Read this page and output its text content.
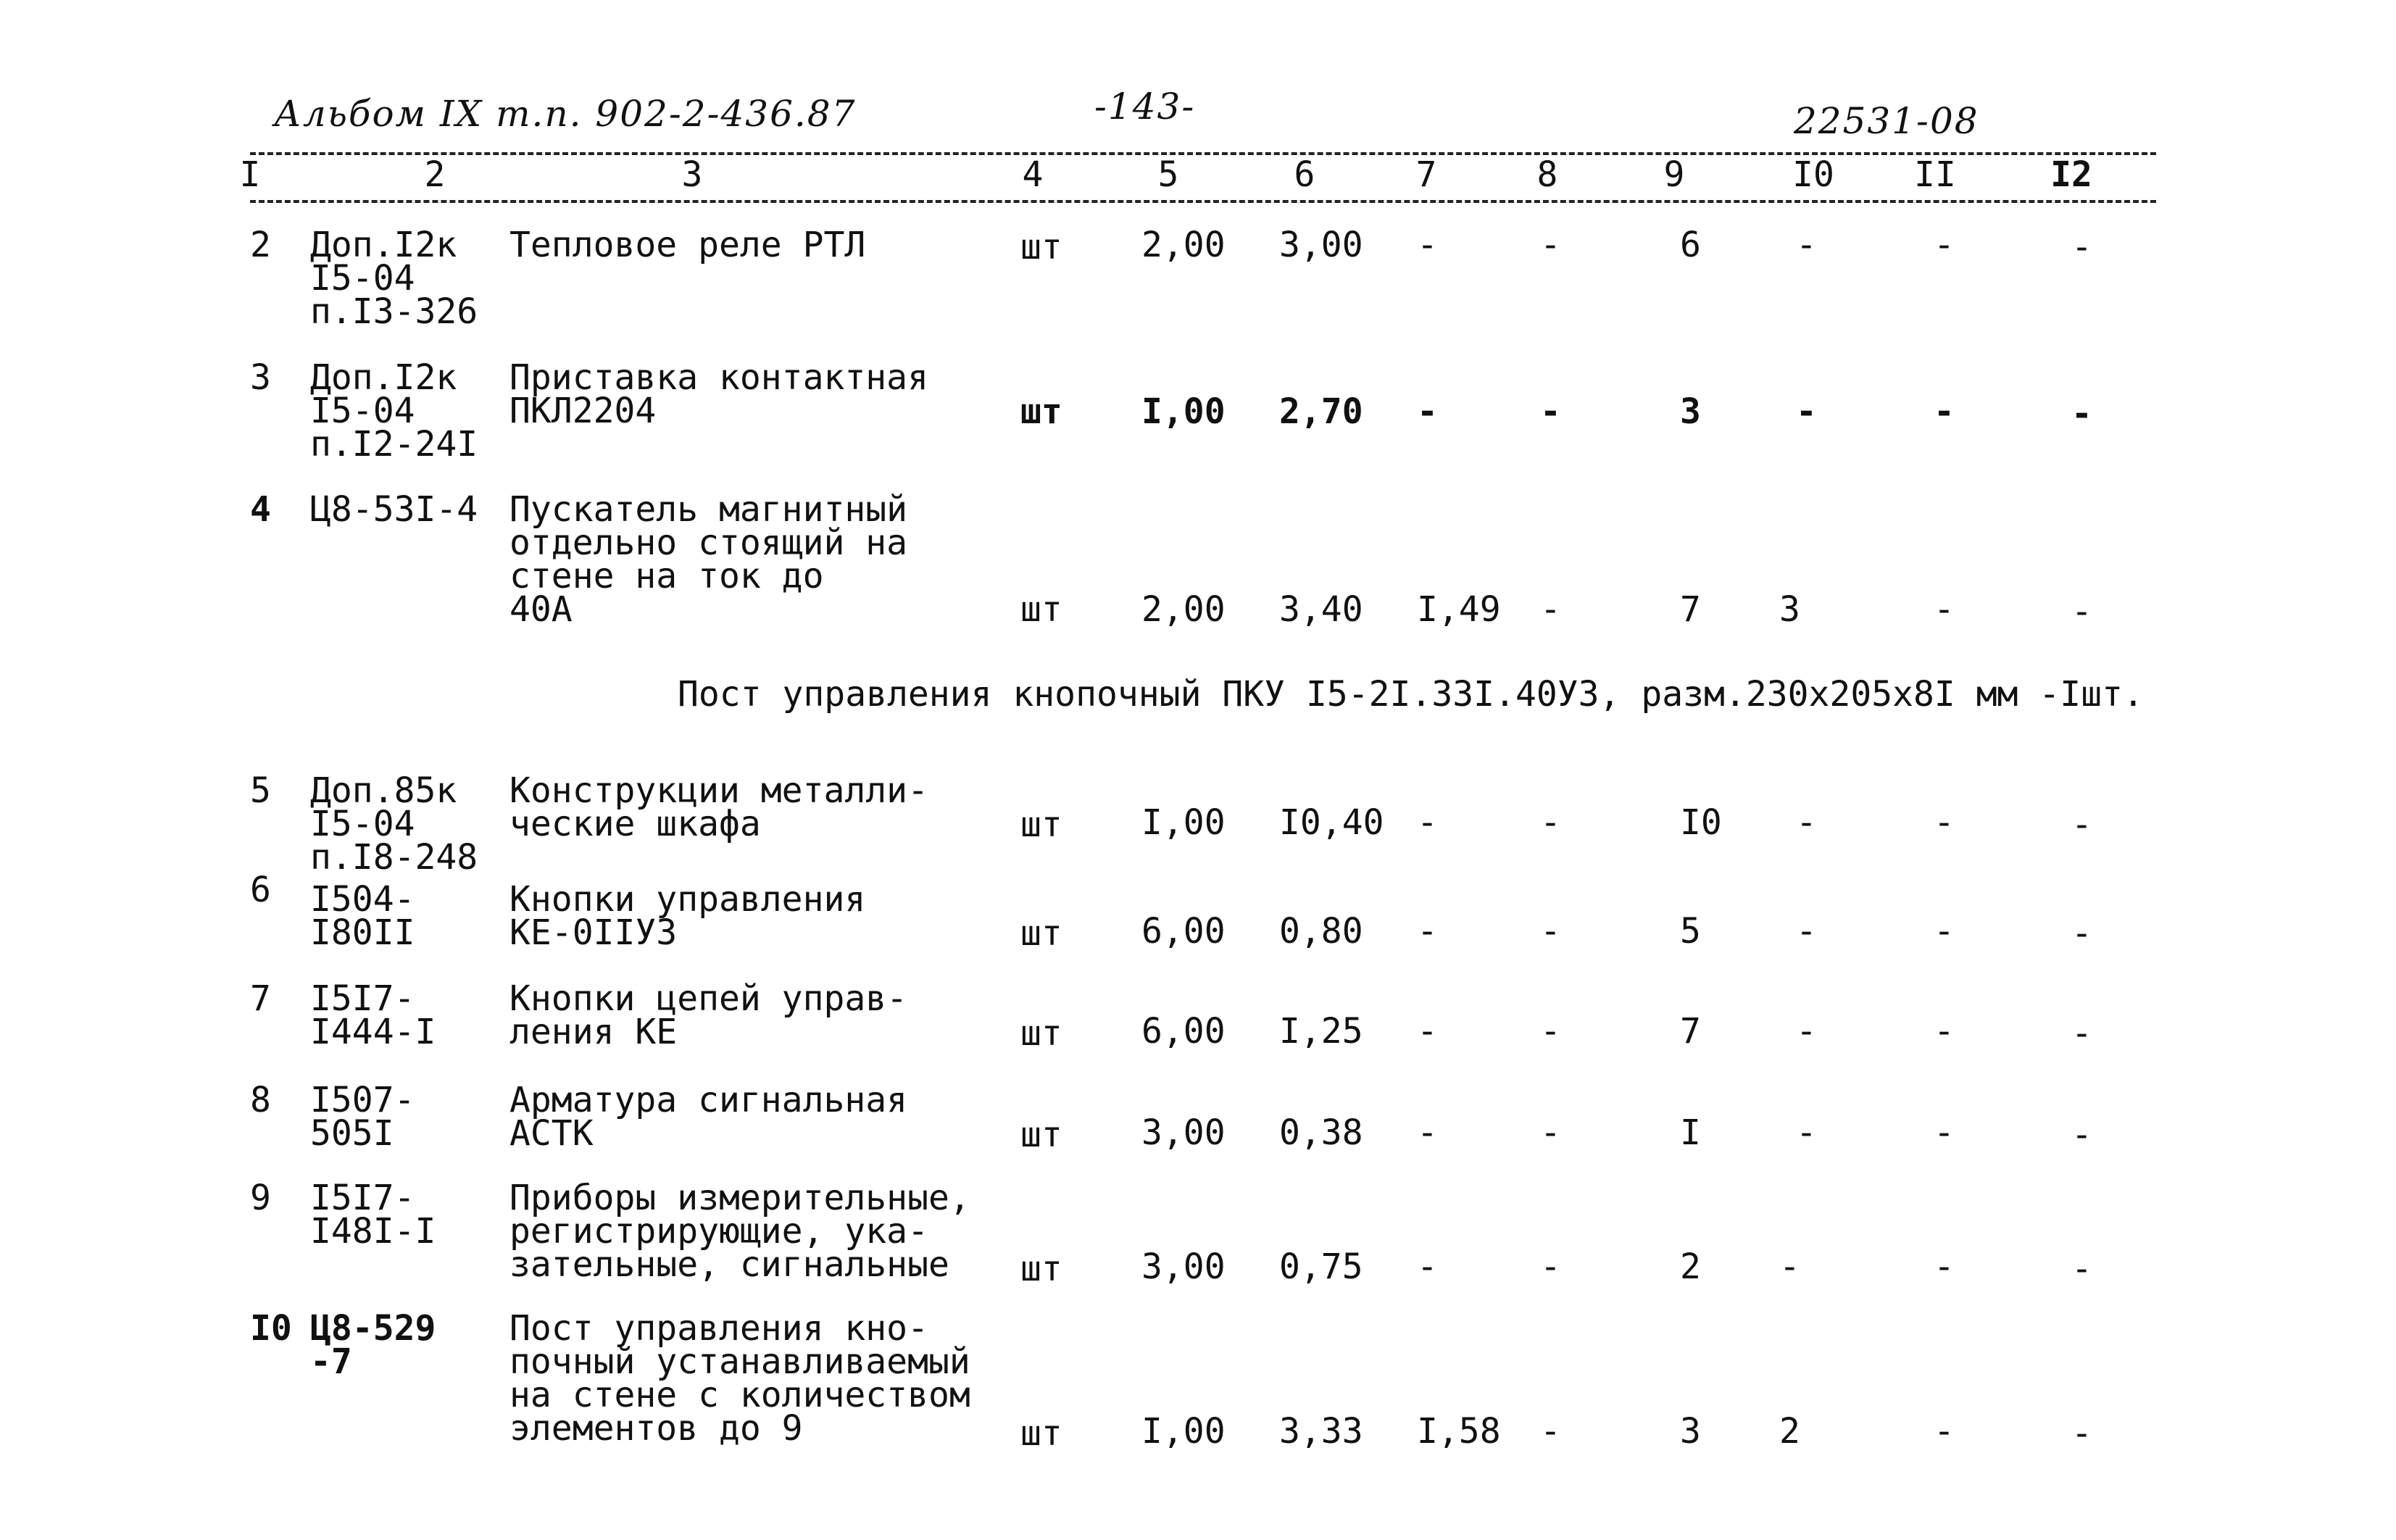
Альбом IX т.п. 902-2-436.87	-143-	22531-08
I	2	3	4	5	6	7	8	9	I0	II	I2
2 Доп.I2к
I5-04
п.I3-326
Тепловое реле РТЛ	шт 2,00 3,00 -	-	6	-	-	-
3 Доп.I2к
I5-04
п.I2-24I
Приставка контактная
ПКЛ2204	шт I,00 2,70 -	-	3	-	-	-
4 Ц8-53I-4 Пускатель магнитный
отдельно стоящий на
стене на ток до
40А	шт 2,00 3,40 I,49 -	7 3	-	-
Пост управления кнопочный ПКУ I5-2I.33I.40У3, разм.230х205х8I мм -Iшт.
5 Доп.85к
I5-04
п.I8-248
Конструкции металли-
ческие шкафа	шт I,00 I0,40 -	-	I0 -	-	-
6 I504-
I80II
Кнопки управления
КЕ-0IIУ3	шт 6,00 0,80 -	-	5	-	-	-
7 I5I7-
I444-I
Кнопки цепей управ-
ления КЕ	шт 6,00 I,25 -	-	7	-	-	-
8 I507-
505I
Арматура сигнальная
АСТК	шт 3,00 0,38 -	-	I	-	-	-
9 I5I7-
I48I-I
Приборы измерительные,
регистрирующие, ука-
зательные, сигнальные	шт 3,00 0,75 -	-	2 -	-	-
I0 Ц8-529
-7
Пост управления кно-
почный устанавливаемый
на стене с количеством
элементов до 9	шт I,00 3,33 I,58 -	3 2	-	-
